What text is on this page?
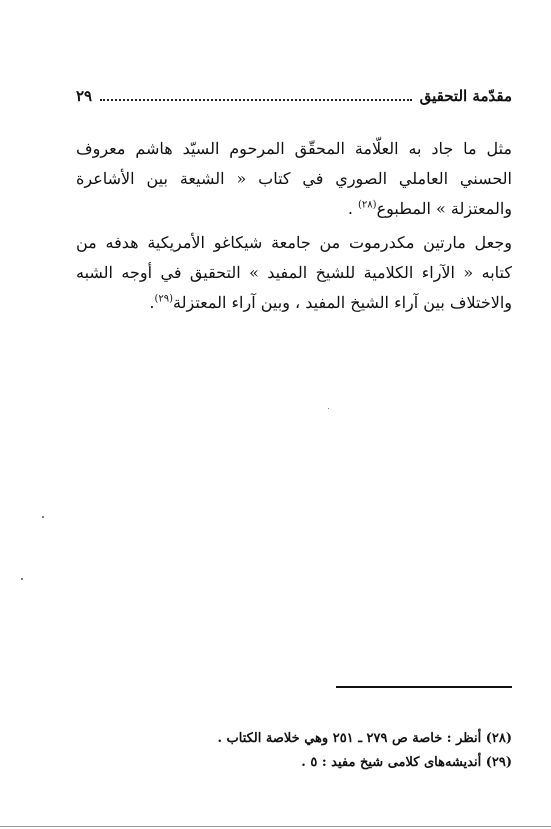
مقدّمة التحقيق
٢٩

مثل ما جاد به العلّامة المحقّق المرحوم السيّد هاشم معروف الحسني العاملي الصوري في كتاب « الشيعة بين الأشاعرة والمعتزلة » المطبوع$^{(٢٨)}$ .

وجعل مارتين مكدرموت من جامعة شيكاغو الأمريكية هدفه من كتابه « الآراء الكلامية للشيخ المفيد » التحقيق في أوجه الشبه والاختلاف بين آراء الشيخ المفيد ، وبين آراء المعتزلة$^{(٢٩)}$.

(٢٨) أنظر : خاصة ص ٢٧٩ ـ ٢٥١ وهي خلاصة الكتاب .
(٢٩) أنديشه‌هاى كلامى شيخ مفيد : ٥ .
